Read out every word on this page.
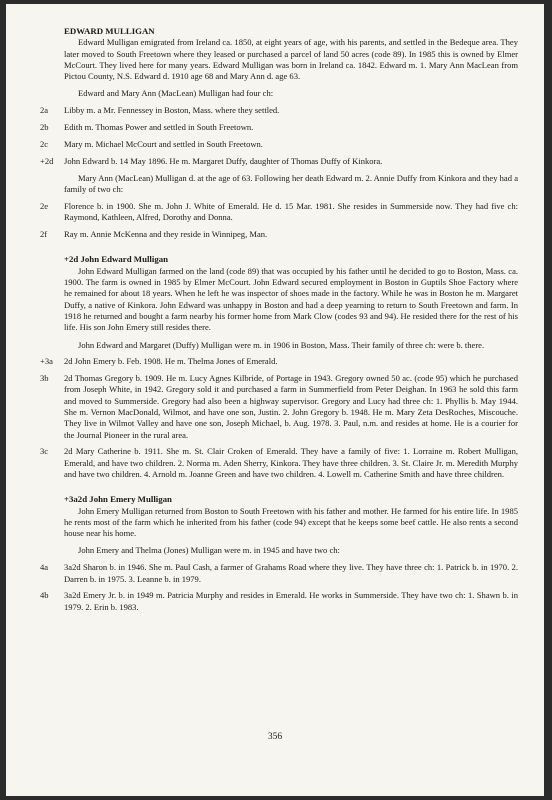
EDWARD MULLIGAN

Edward Mulligan emigrated from Ireland ca. 1850, at eight years of age, with his parents, and settled in the Bedeque area. They later moved to South Freetown where they leased or purchased a parcel of land 50 acres (code 89). In 1985 this is owned by Elmer McCourt. They lived here for many years. Edward Mulligan was born in Ireland ca. 1842. Edward m. 1. Mary Ann MacLean from Pictou County, N.S. Edward d. 1910 age 68 and Mary Ann d. age 63.

Edward and Mary Ann (MacLean) Mulligan had four ch:

2a	Libby m. a Mr. Fennessey in Boston, Mass. where they settled.
2b	Edith m. Thomas Power and settled in South Freetown.
2c	Mary m. Michael McCourt and settled in South Freetown.
+2d	John Edward b. 14 May 1896. He m. Margaret Duffy, daughter of Thomas Duffy of Kinkora.

Mary Ann (MacLean) Mulligan d. at the age of 63. Following her death Edward m. 2. Annie Duffy from Kinkora and they had a family of two ch:

2e	Florence b. in 1900. She m. John J. White of Emerald. He d. 15 Mar. 1981. She resides in Summerside now. They had five ch: Raymond, Kathleen, Alfred, Dorothy and Donna.
2f	Ray m. Annie McKenna and they reside in Winnipeg, Man.
+2d John Edward Mulligan

John Edward Mulligan farmed on the land (code 89) that was occupied by his father until he decided to go to Boston, Mass. ca. 1900. The farm is owned in 1985 by Elmer McCourt. John Edward secured employment in Boston in Guptils Shoe Factory where he remained for about 18 years. When he left he was inspector of shoes made in the factory. While he was in Boston he m. Margaret Duffy, a native of Kinkora. John Edward was unhappy in Boston and had a deep yearning to return to South Freetown and farm. In 1918 he returned and bought a farm nearby his former home from Mark Clow (codes 93 and 94). He resided there for the rest of his life. His son John Emery still resides there.

John Edward and Margaret (Duffy) Mulligan were m. in 1906 in Boston, Mass. Their family of three ch: were b. there.

+3a	2d John Emery b. Feb. 1908. He m. Thelma Jones of Emerald.
3b	2d Thomas Gregory b. 1909. He m. Lucy Agnes Kilbride, of Portage in 1943. Gregory owned 50 ac. (code 95) which he purchased from Joseph White, in 1942. Gregory sold it and purchased a farm in Summerfield from Peter Deighan. In 1963 he sold this farm and moved to Summerside. Gregory had also been a highway supervisor. Gregory and Lucy had three ch: 1. Phyllis b. May 1944. She m. Vernon MacDonald, Wilmot, and have one son, Justin. 2. John Gregory b. 1948. He m. Mary Zeta DesRoches, Miscouche. They live in Wilmot Valley and have one son, Joseph Michael, b. Aug. 1978. 3. Paul, n.m. and resides at home. He is a courier for the Journal Pioneer in the rural area.
3c	2d Mary Catherine b. 1911. She m. St. Clair Croken of Emerald. They have a family of five: 1. Lorraine m. Robert Mulligan, Emerald, and have two children. 2. Norma m. Aden Sherry, Kinkora. They have three children. 3. St. Claire Jr. m. Meredith Murphy and have two children. 4. Arnold m. Joanne Green and have two children. 4. Lowell m. Catherine Smith and have three children.
+3a2d John Emery Mulligan

John Emery Mulligan returned from Boston to South Freetown with his father and mother. He farmed for his entire life. In 1985 he rents most of the farm which he inherited from his father (code 94) except that he keeps some beef cattle. He also rents a second house near his home.

John Emery and Thelma (Jones) Mulligan were m. in 1945 and have two ch:

4a	3a2d Sharon b. in 1946. She m. Paul Cash, a farmer of Grahams Road where they live. They have three ch: 1. Patrick b. in 1970. 2. Darren b. in 1975. 3. Leanne b. in 1979.
4b	3a2d Emery Jr. b. in 1949 m. Patricia Murphy and resides in Emerald. He works in Summerside. They have two ch: 1. Shawn b. in 1979. 2. Erin b. 1983.
356
